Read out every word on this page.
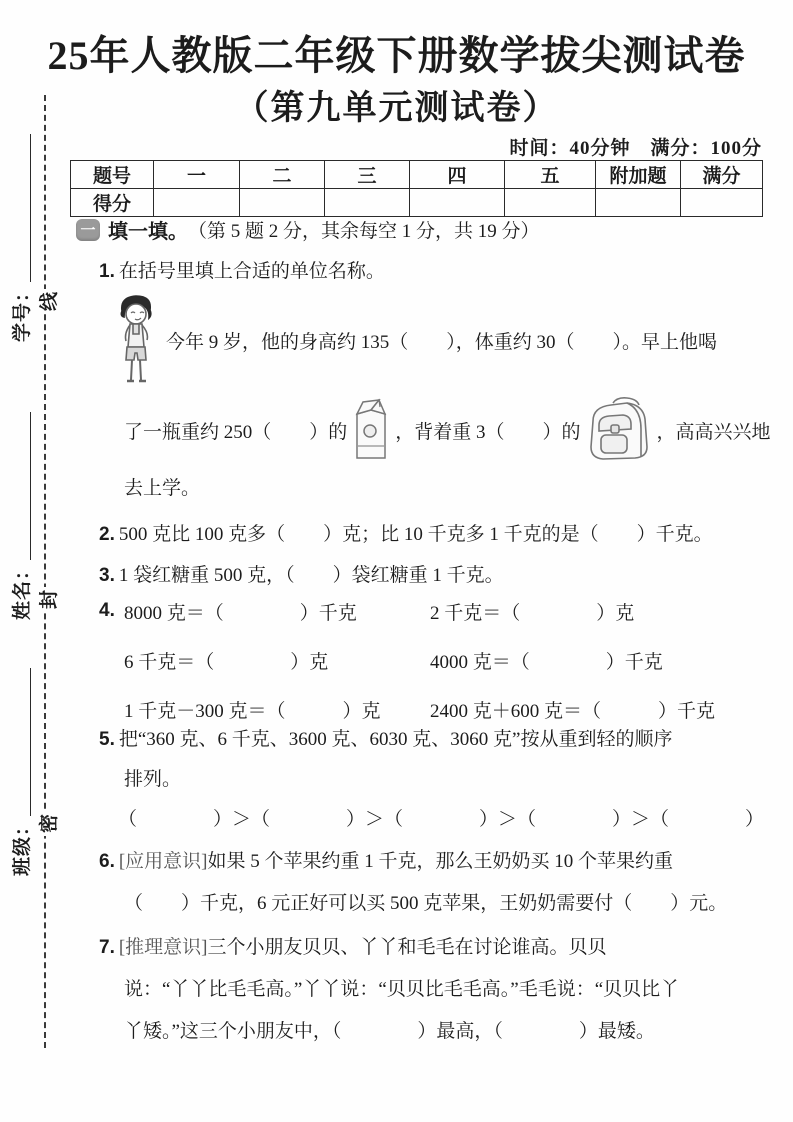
学号：
姓名：
班级：
线
封
密
25年人教版二年级下册数学拔尖测试卷
（第九单元测试卷）
时间：40分钟　满分：100分
题号	一	二	三	四	五	附加题	满分
得分							
一 填一填。 （第 5 题 2 分，其余每空 1 分，共 19 分）
1. 在括号里填上合适的单位名称。
今年 9 岁，他的身高约 135（　　），体重约 30（　　）。早上他喝
了一瓶重约 250（　　）的	，背着重 3（　　）的	，高高兴兴地
去上学。
2. 500 克比 100 克多（　　）克；比 10 千克多 1 千克的是（　　）千克。
3. 1 袋红糖重 500 克，（　　）袋红糖重 1 千克。
4. 8000 克＝（　　　　）千克	2 千克＝（　　　　）克
6 千克＝（　　　　）克	4000 克＝（　　　　）千克
1 千克－300 克＝（　　　）克	2400 克＋600 克＝（　　　）千克
5. 把“360 克、6 千克、3600 克、6030 克、3060 克”按从重到轻的顺序
排列。
（　　　　）＞（　　　　）＞（　　　　）＞（　　　　）＞（　　　　）
6. [应用意识]如果 5 个苹果约重 1 千克，那么王奶奶买 10 个苹果约重
（　　）千克，6 元正好可以买 500 克苹果，王奶奶需要付（　　）元。
7. [推理意识]三个小朋友贝贝、丫丫和毛毛在讨论谁高。贝贝
说：“丫丫比毛毛高。”丫丫说：“贝贝比毛毛高。”毛毛说：“贝贝比丫
丫矮。”这三个小朋友中，（　　　　）最高，（　　　　）最矮。
